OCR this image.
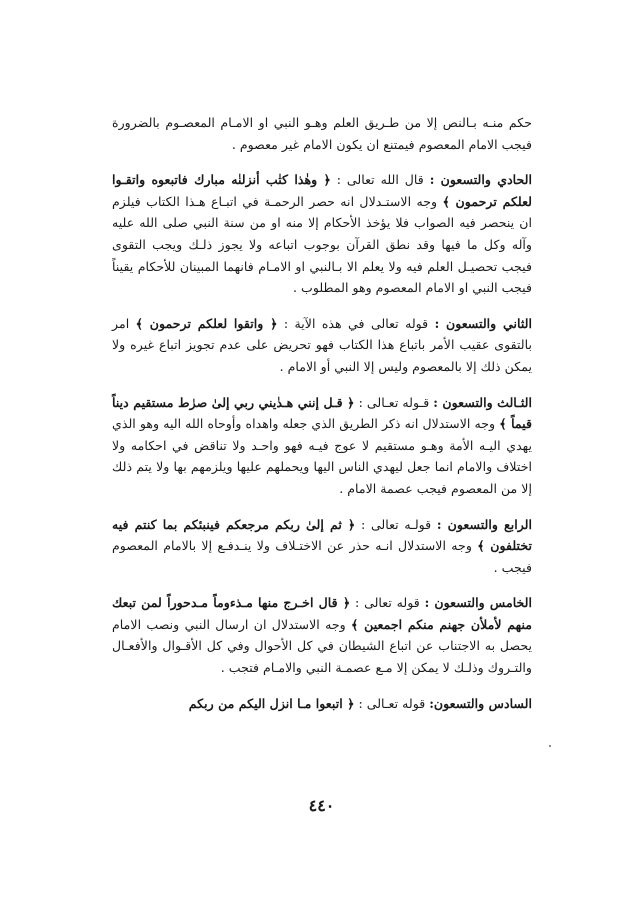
حكم منـه بـالنص إلا من طـريق العلم وهـو النبي او الامـام المعصـوم بالضرورة فيجب الامام المعصوم فيمتنع ان يكون الامام غير معصوم .

الحادي والتسعون : قال الله تعالى : ﴿ وهٰذا كتٰب أنزلنٰه مبارك فاتبعوه واتقـوا لعلكم ترحمون ﴾ وجه الاستـدلال انه حصر الرحمـة في اتبـاع هـذا الكتاب فيلزم ان ينحصر فيه الصواب فلا يؤخذ الأحكام إلا منه او من سنة النبي صلى الله عليه وآله وكل ما فيها وقد نطق القرآن بوجوب اتباعه ولا يجوز ذلـك ويجب التقوى فيجب تحصيـل العلم فيه ولا يعلم الا بـالنبي او الامـام فانهما المبينان للأحكام يقيناً فيجب النبي او الامام المعصوم وهو المطلوب .

الثاني والتسعون : قوله تعالى في هذه الآية : ﴿ واتقوا لعلكم ترحمون ﴾ امر بالتقوى عقيب الأمر باتباع هذا الكتاب فهو تحريض على عدم تجويز اتباع غيره ولا يمكن ذلك إلا بالمعصوم وليس إلا النبي أو الامام .

الثـالث والتسعون : قـوله تعـالى : ﴿ قـل إنني هـدٰيني ربي إلىٰ صرٰط مستقيم ديناً قيماً ﴾ وجه الاستدلال انه ذكر الطريق الذي جعله واهداه وأوحاه الله اليه وهو الذي يهدي اليـه الأمة وهـو مستقيم لا عوج فيـه فهو واحـد ولا تناقض في احكامه ولا اختلاف والامام انما جعل ليهدي الناس اليها ويحملهم عليها ويلزمهم بها ولا يتم ذلك إلا من المعصوم فيجب عصمة الامام .

الرابع والتسعون : قولـه تعالى : ﴿ ثم إلىٰ ربكم مرجعكم فينبئكم بما كنتم فيه تختلفون ﴾ وجه الاستدلال انـه حذر عن الاختـلاف ولا ينـدفـع إلا بالامام المعصوم فيجب .

الخامس والتسعون : قوله تعالى : ﴿ قال اخـرج منها مـذءوماً مـدحوراً لمن تبعك منهم لأملأن جهنم منكم اجمعين ﴾ وجه الاستدلال ان ارسال النبي ونصب الامام يحصل به الاجتناب عن اتباع الشيطان في كل الأحوال وفي كل الأقـوال والأفعـال والتـروك وذلـك لا يمكن إلا مـع عصمـة النبي والامـام فتجب .

السادس والتسعون: قوله تعـالى : ﴿ اتبعوا مـا انزل اليكم من ربكم

٤٤٠
